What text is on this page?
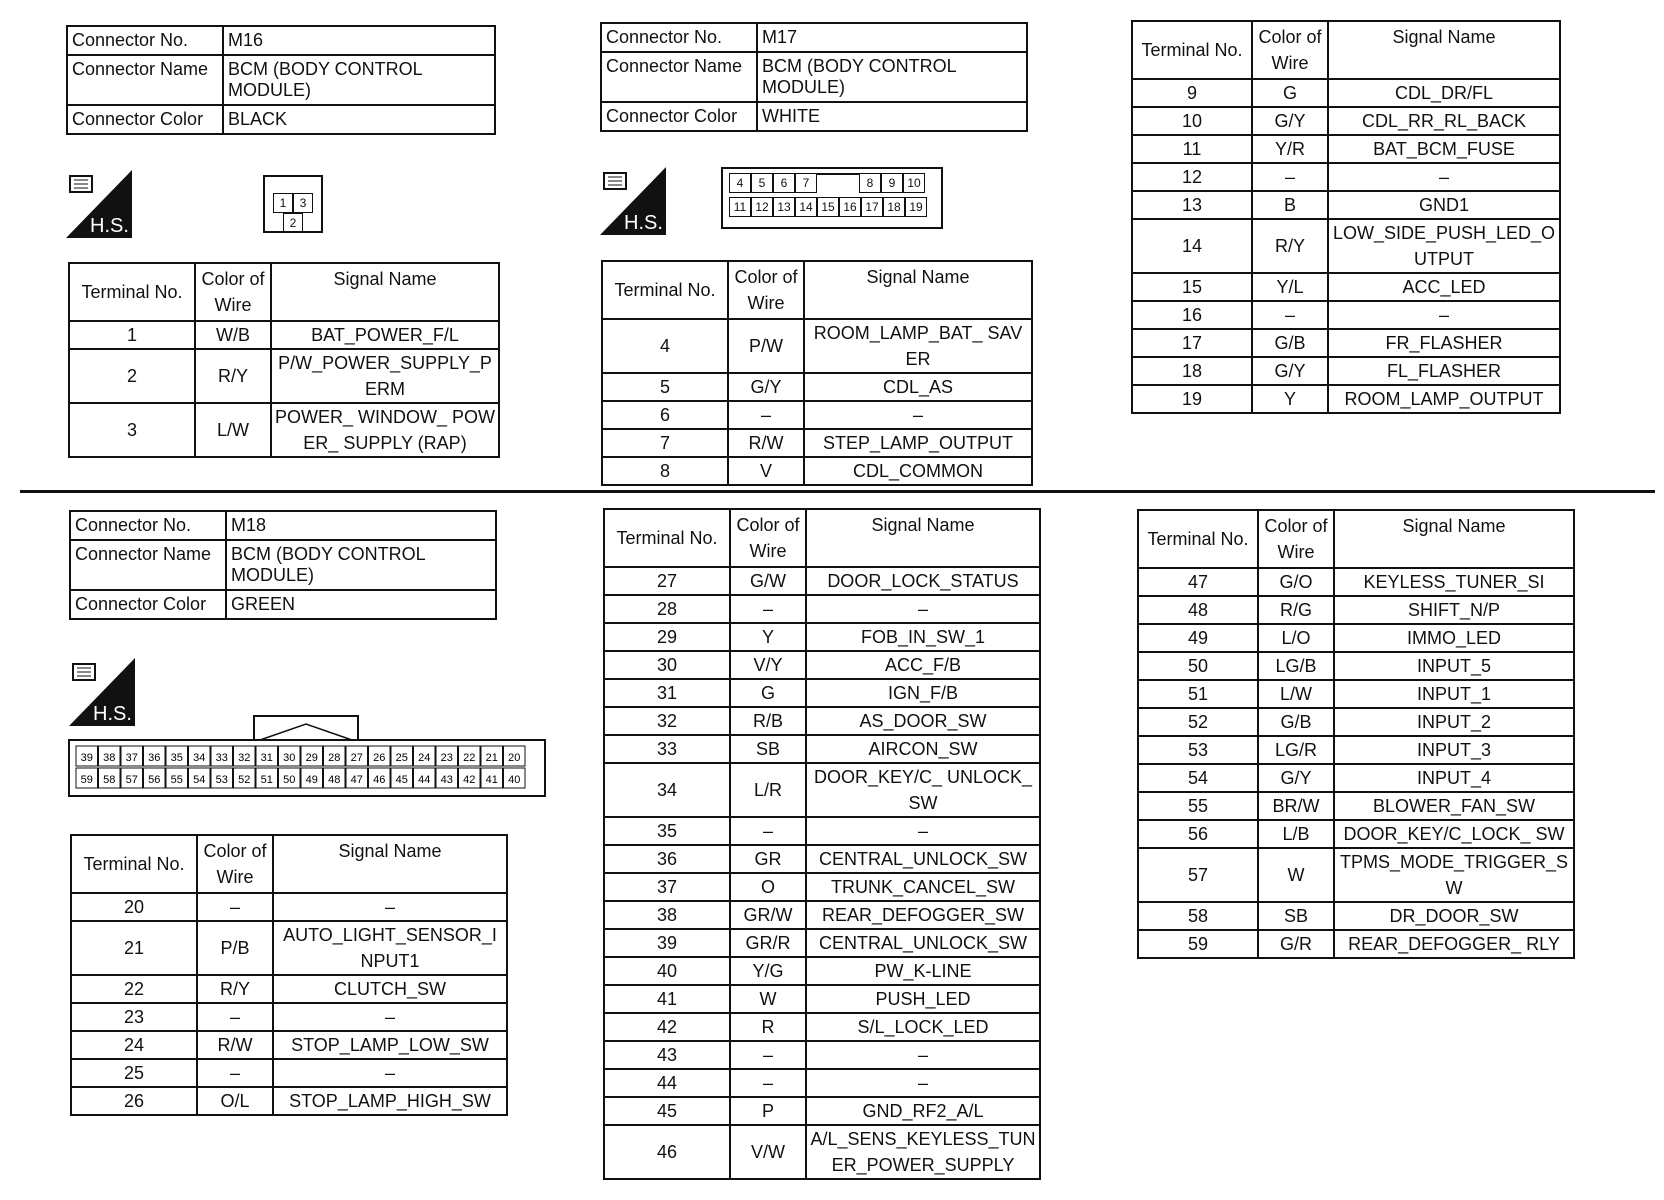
Connector No.	M16
Connector Name	BCM (BODY CONTROL MODULE)
Connector Color	BLACK
H.S.
1	3
2
Terminal No.	Color of Wire	Signal Name
1	W/B	BAT_POWER_F/L
2	R/Y	P/W_POWER_SUPPLY_PERM
3	L/W	POWER_ WINDOW_ POWER_ SUPPLY (RAP)
Connector No.	M17
Connector Name	BCM (BODY CONTROL MODULE)
Connector Color	WHITE
H.S.
4	5	6	7	8	9 10
11 12 13 14 15 16 17 18 19
Terminal No.	Color of Wire	Signal Name
4	P/W	ROOM_LAMP_BAT_ SAVER
5	G/Y	CDL_AS
6	–	–
7	R/W	STEP_LAMP_OUTPUT
8	V	CDL_COMMON
Terminal No.	Color of Wire	Signal Name
9	G	CDL_DR/FL
10	G/Y	CDL_RR_RL_BACK
11	Y/R	BAT_BCM_FUSE
12	–	–
13	B	GND1
14	R/Y	LOW_SIDE_PUSH_LED_OUTPUT
15	Y/L	ACC_LED
16	–	–
17	G/B	FR_FLASHER
18	G/Y	FL_FLASHER
19	Y	ROOM_LAMP_OUTPUT
Connector No.	M18
Connector Name	BCM (BODY CONTROL MODULE)
Connector Color	GREEN
H.S.
39 38 37 36 35 34 33 32 31 30 29 28 27 26 25 24 23 22 21 20
59 58 57 56 55 54 53 52 51 50 49 48 47 46 45 44 43 42 41 40
Terminal No.	Color of Wire	Signal Name
20	–	–
21	P/B	AUTO_LIGHT_SENSOR_INPUT1
22	R/Y	CLUTCH_SW
23	–	–
24	R/W	STOP_LAMP_LOW_SW
25	–	–
26	O/L	STOP_LAMP_HIGH_SW
Terminal No.	Color of Wire	Signal Name
27	G/W	DOOR_LOCK_STATUS
28	–	–
29	Y	FOB_IN_SW_1
30	V/Y	ACC_F/B
31	G	IGN_F/B
32	R/B	AS_DOOR_SW
33	SB	AIRCON_SW
34	L/R	DOOR_KEY/C_ UNLOCK_SW
35	–	–
36	GR	CENTRAL_UNLOCK_SW
37	O	TRUNK_CANCEL_SW
38	GR/W	REAR_DEFOGGER_SW
39	GR/R	CENTRAL_UNLOCK_SW
40	Y/G	PW_K-LINE
41	W	PUSH_LED
42	R	S/L_LOCK_LED
43	–	–
44	–	–
45	P	GND_RF2_A/L
46	V/W	A/L_SENS_KEYLESS_TUNER_POWER_SUPPLY
Terminal No.	Color of Wire	Signal Name
47	G/O	KEYLESS_TUNER_SI
48	R/G	SHIFT_N/P
49	L/O	IMMO_LED
50	LG/B	INPUT_5
51	L/W	INPUT_1
52	G/B	INPUT_2
53	LG/R	INPUT_3
54	G/Y	INPUT_4
55	BR/W	BLOWER_FAN_SW
56	L/B	DOOR_KEY/C_LOCK_ SW
57	W	TPMS_MODE_TRIGGER_SW
58	SB	DR_DOOR_SW
59	G/R	REAR_DEFOGGER_ RLY
